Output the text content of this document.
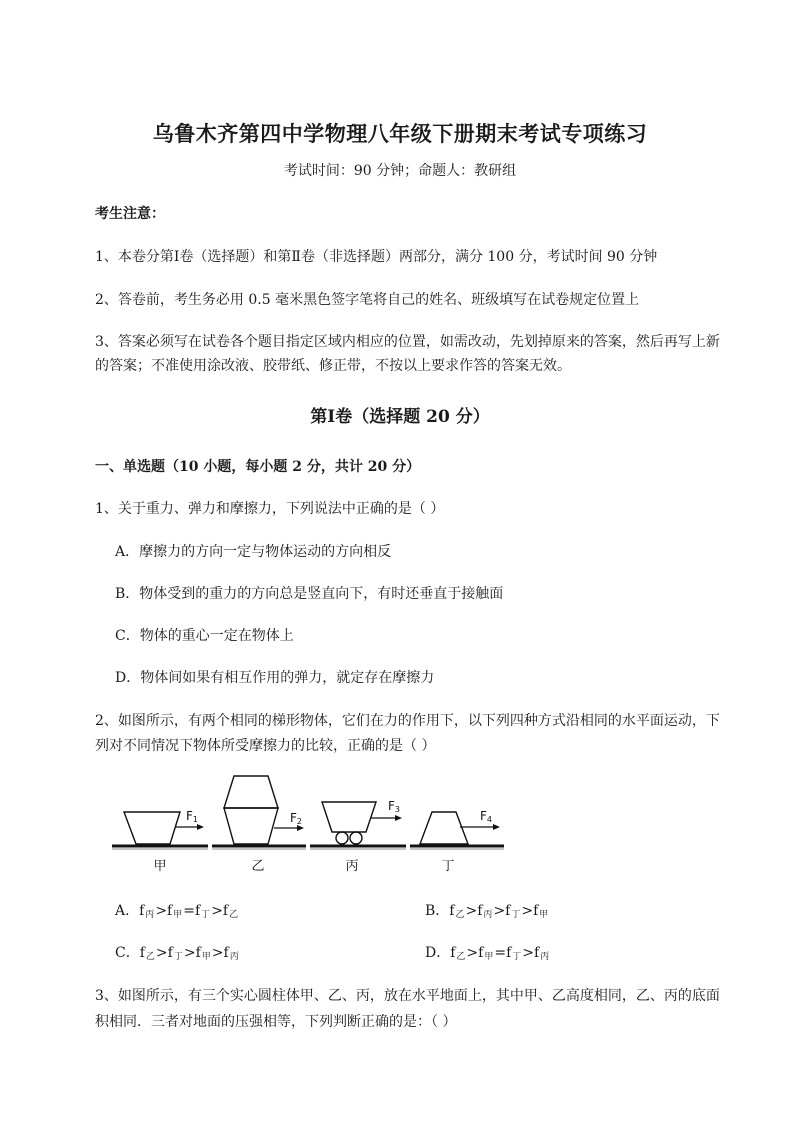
乌鲁木齐第四中学物理八年级下册期末考试专项练习
考试时间：90 分钟；命题人：教研组
考生注意：
1、本卷分第Ⅰ卷（选择题）和第Ⅱ卷（非选择题）两部分，满分 100 分，考试时间 90 分钟
2、答卷前，考生务必用 0.5 毫米黑色签字笔将自己的姓名、班级填写在试卷规定位置上
3、答案必须写在试卷各个题目指定区域内相应的位置，如需改动，先划掉原来的答案，然后再写上新
的答案；不准使用涂改液、胶带纸、修正带，不按以上要求作答的答案无效。
第Ⅰ卷（选择题 20 分）
一、单选题（10 小题，每小题 2 分，共计 20 分）
1、关于重力、弹力和摩擦力，下列说法中正确的是（ ）
A．摩擦力的方向一定与物体运动的方向相反
B．物体受到的重力的方向总是竖直向下，有时还垂直于接触面
C．物体的重心一定在物体上
D．物体间如果有相互作用的弹力，就定存在摩擦力
2、如图所示，有两个相同的梯形物体，它们在力的作用下，以下列四种方式沿相同的水平面运动，下
列对不同情况下物体所受摩擦力的比较，正确的是（ ）
F1	F2
F3	F4
甲	乙	丙	丁
A．$f_丙>f_甲=f_丁>f_乙$	B．$f_乙>f_丙>f_丁>f_甲$
C．$f_乙>f_丁>f_甲>f_丙$	D．$f_乙>f_甲=f_丁>f_丙$
3、如图所示，有三个实心圆柱体甲、乙、丙，放在水平地面上，其中甲、乙高度相同，乙、丙的底面
积相同．三者对地面的压强相等，下列判断正确的是：（ ）
